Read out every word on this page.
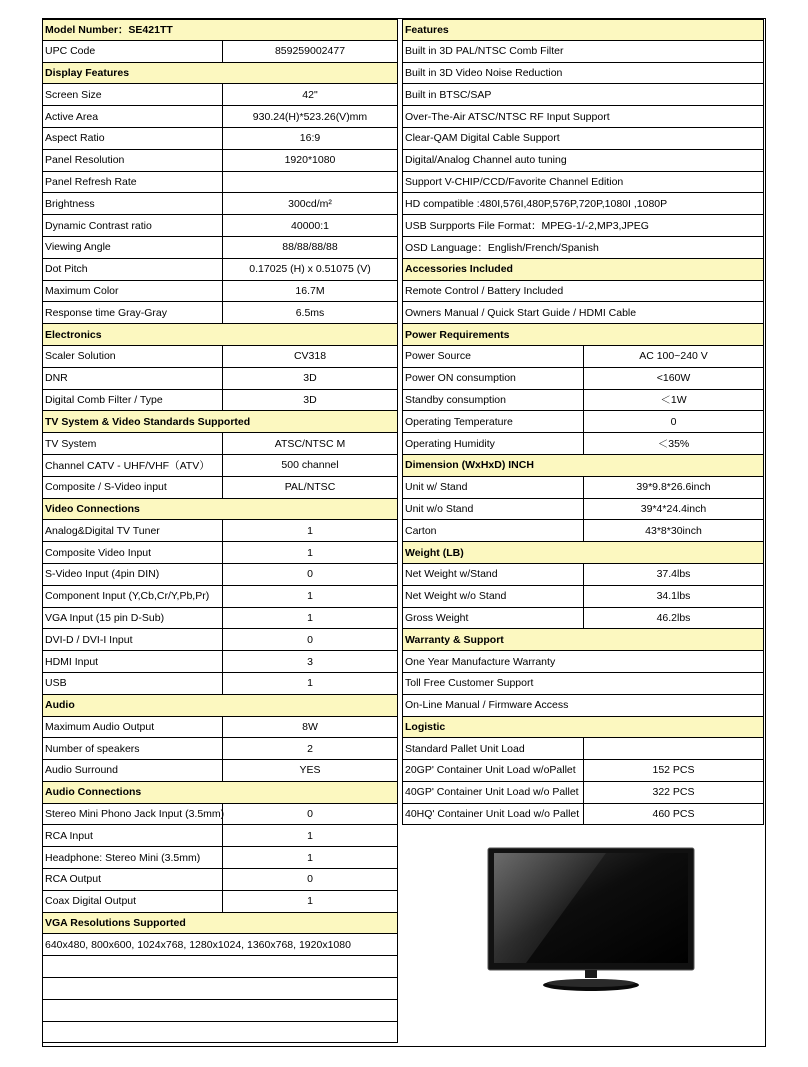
Model Number：SE421TT
UPC Code	859259002477
Display Features
Screen Size	42"
Active Area	930.24(H)*523.26(V)mm
Aspect Ratio	16:9
Panel Resolution	1920*1080
Panel Refresh Rate
Brightness	300cd/m²
Dynamic Contrast ratio	40000:1
Viewing Angle	88/88/88/88
Dot Pitch	0.17025 (H) x 0.51075 (V)
Maximum Color	16.7M
Response time Gray-Gray	6.5ms
Electronics
Scaler Solution	CV318
DNR	3D
Digital Comb Filter / Type	3D
TV System & Video Standards Supported
TV System	ATSC/NTSC M
Channel CATV - UHF/VHF（ATV）	500 channel
Composite / S-Video input	PAL/NTSC
Video Connections
Analog&Digital TV Tuner	1
Composite Video Input	1
S-Video Input (4pin DIN)	0
Component Input (Y,Cb,Cr/Y,Pb,Pr)	1
VGA Input (15 pin D-Sub)	1
DVI-D / DVI-I Input	0
HDMI Input	3
USB	1
Audio
Maximum Audio Output	8W
Number of speakers	2
Audio Surround	YES
Audio Connections
Stereo Mini Phono Jack Input (3.5mm)	0
RCA Input	1
Headphone: Stereo Mini (3.5mm)	1
RCA Output	0
Coax Digital Output	1
VGA Resolutions Supported
640x480, 800x600, 1024x768, 1280x1024, 1360x768, 1920x1080
Features
Built in 3D PAL/NTSC Comb Filter
Built in 3D Video Noise Reduction
Built in BTSC/SAP
Over-The-Air ATSC/NTSC RF Input Support
Clear-QAM Digital Cable Support
Digital/Analog Channel auto tuning
Support V-CHIP/CCD/Favorite Channel Edition
HD compatible :480I,576I,480P,576P,720P,1080I ,1080P
USB Surpports File Format：MPEG-1/-2,MP3,JPEG
OSD Language：English/French/Spanish
Accessories Included
Remote Control / Battery Included
Owners Manual / Quick Start Guide / HDMI Cable
Power Requirements
Power Source	AC 100~240 V
Power ON consumption	<160W
Standby consumption	＜1W
Operating Temperature	0
Operating Humidity	＜35%
Dimension (WxHxD) INCH
Unit w/ Stand	39*9.8*26.6inch
Unit w/o Stand	39*4*24.4inch
Carton	43*8*30inch
Weight (LB)
Net Weight w/Stand	37.4lbs
Net Weight w/o Stand	34.1lbs
Gross Weight	46.2lbs
Warranty & Support
One Year Manufacture Warranty
Toll Free Customer Support
On-Line Manual / Firmware Access
Logistic
Standard Pallet Unit Load
20GP' Container Unit Load w/oPallet	152 PCS
40GP' Container Unit Load w/o Pallet	322 PCS
40HQ' Container Unit Load w/o Pallet	460 PCS
